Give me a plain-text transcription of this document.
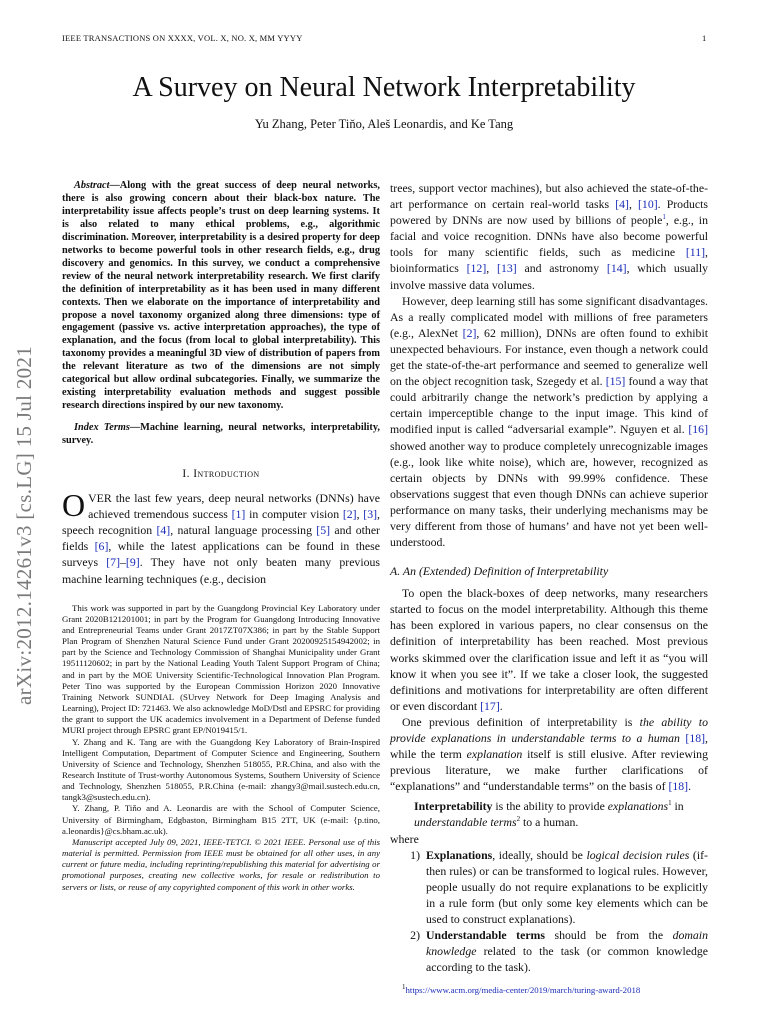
IEEE TRANSACTIONS ON XXXX, VOL. X, NO. X, MM YYYY	1
A Survey on Neural Network Interpretability
Yu Zhang, Peter Tiňo, Aleš Leonardis, and Ke Tang
arXiv:2012.14261v3 [cs.LG] 15 Jul 2021

Abstract—Along with the great success of deep neural networks, there is also growing concern about their black-box nature. The interpretability issue affects people’s trust on deep learning systems. It is also related to many ethical problems, e.g., algorithmic discrimination. Moreover, interpretability is a desired property for deep networks to become powerful tools in other research fields, e.g., drug discovery and genomics. In this survey, we conduct a comprehensive review of the neural network interpretability research. We first clarify the definition of interpretability as it has been used in many different contexts. Then we elaborate on the importance of interpretability and propose a novel taxonomy organized along three dimensions: type of engagement (passive vs. active interpretation approaches), the type of explanation, and the focus (from local to global interpretability). This taxonomy provides a meaningful 3D view of distribution of papers from the relevant literature as two of the dimensions are not simply categorical but allow ordinal subcategories. Finally, we summarize the existing interpretability evaluation methods and suggest possible research directions inspired by our new taxonomy.

Index Terms—Machine learning, neural networks, interpretability, survey.

I. Introduction

OVER the last few years, deep neural networks (DNNs) have achieved tremendous success [1] in computer vision [2], [3], speech recognition [4], natural language processing [5] and other fields [6], while the latest applications can be found in these surveys [7]–[9]. They have not only beaten many previous machine learning techniques (e.g., decision

This work was supported in part by the Guangdong Provincial Key Laboratory under Grant 2020B121201001; in part by the Program for Guangdong Introducing Innovative and Entrepreneurial Teams under Grant 2017ZT07X386; in part by the Stable Support Plan Program of Shenzhen Natural Science Fund under Grant 20200925154942002; in part by the Science and Technology Commission of Shanghai Municipality under Grant 19511120602; in part by the National Leading Youth Talent Support Program of China; and in part by the MOE University Scientific-Technological Innovation Plan Program. Peter Tino was supported by the European Commission Horizon 2020 Innovative Training Network SUNDIAL (SUrvey Network for Deep Imaging Analysis and Learning), Project ID: 721463. We also acknowledge MoD/Dstl and EPSRC for providing the grant to support the UK academics involvement in a Department of Defense funded MURI project through EPSRC grant EP/N019415/1.

Y. Zhang and K. Tang are with the Guangdong Key Laboratory of Brain-Inspired Intelligent Computation, Department of Computer Science and Engineering, Southern University of Science and Technology, Shenzhen 518055, P.R.China, and also with the Research Institute of Trust-worthy Autonomous Systems, Southern University of Science and Technology, Shenzhen 518055, P.R.China (e-mail: zhangy3@mail.sustech.edu.cn, tangk3@sustech.edu.cn).

Y. Zhang, P. Tiňo and A. Leonardis are with the School of Computer Science, University of Birmingham, Edgbaston, Birmingham B15 2TT, UK (e-mail: {p.tino, a.leonardis}@cs.bham.ac.uk).

Manuscript accepted July 09, 2021, IEEE-TETCI. © 2021 IEEE. Personal use of this material is permitted. Permission from IEEE must be obtained for all other uses, in any current or future media, including reprinting/republishing this material for advertising or promotional purposes, creating new collective works, for resale or redistribution to servers or lists, or reuse of any copyrighted component of this work in other works.

trees, support vector machines), but also achieved the state-of-the-art performance on certain real-world tasks [4], [10]. Products powered by DNNs are now used by billions of people$^1$, e.g., in facial and voice recognition. DNNs have also become powerful tools for many scientific fields, such as medicine [11], bioinformatics [12], [13] and astronomy [14], which usually involve massive data volumes.

However, deep learning still has some significant disadvantages. As a really complicated model with millions of free parameters (e.g., AlexNet [2], 62 million), DNNs are often found to exhibit unexpected behaviours. For instance, even though a network could get the state-of-the-art performance and seemed to generalize well on the object recognition task, Szegedy et al. [15] found a way that could arbitrarily change the network’s prediction by applying a certain imperceptible change to the input image. This kind of modified input is called “adversarial example”. Nguyen et al. [16] showed another way to produce completely unrecognizable images (e.g., look like white noise), which are, however, recognized as certain objects by DNNs with 99.99% confidence. These observations suggest that even though DNNs can achieve superior performance on many tasks, their underlying mechanisms may be very different from those of humans’ and have not yet been well-understood.

A. An (Extended) Definition of Interpretability

To open the black-boxes of deep networks, many researchers started to focus on the model interpretability. Although this theme has been explored in various papers, no clear consensus on the definition of interpretability has been reached. Most previous works skimmed over the clarification issue and left it as “you will know it when you see it”. If we take a closer look, the suggested definitions and motivations for interpretability are often different or even discordant [17].

One previous definition of interpretability is the ability to provide explanations in understandable terms to a human [18], while the term explanation itself is still elusive. After reviewing previous literature, we make further clarifications of “explanations” and “understandable terms” on the basis of [18].

Interpretability is the ability to provide explanations$^1$ in understandable terms$^2$ to a human.

where

1) Explanations, ideally, should be logical decision rules (if-then rules) or can be transformed to logical rules. However, people usually do not require explanations to be explicitly in a rule form (but only some key elements which can be used to construct explanations).
2) Understandable terms should be from the domain knowledge related to the task (or common knowledge according to the task).
$^1$https://www.acm.org/media-center/2019/march/turing-award-2018
